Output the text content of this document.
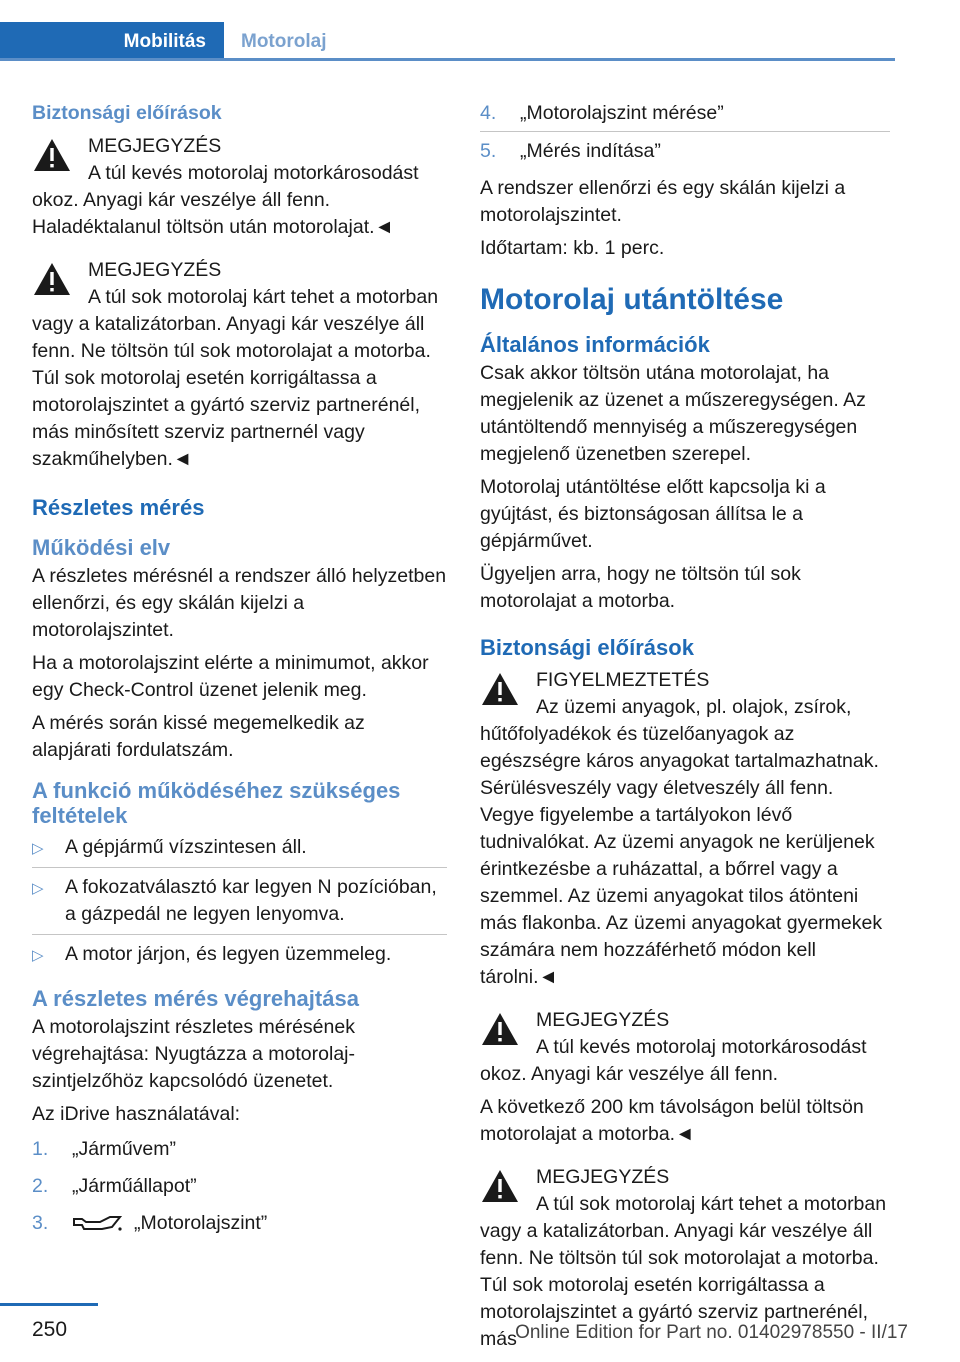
Mobilitás	Motorolaj
Biztonsági előírások
MEGJEGYZÉS

A túl kevés motorolaj motorkárosodást okoz. Anyagi kár veszélye áll fenn. Haladéktalanul töltsön után motorolajat.◄

MEGJEGYZÉS

A túl sok motorolaj kárt tehet a motorban vagy a katalizátorban. Anyagi kár veszélye áll fenn. Ne töltsön túl sok motorolajat a motorba. Túl sok motorolaj esetén korrigáltassa a motorolajszintet a gyártó szerviz partnerénél, más minősített szerviz partnernél vagy szakműhelyben.◄

Részletes mérés
Működési elv

A részletes mérésnél a rendszer álló helyzetben ellenőrzi, és egy skálán kijelzi a motorolajszintet.

Ha a motorolajszint elérte a minimumot, akkor egy Check-Control üzenet jelenik meg.

A mérés során kissé megemelkedik az alapjárati fordulatszám.

A funkció működéséhez szükséges feltételek
▷ A gépjármű vízszintesen áll.
▷ A fokozatválasztó kar legyen N pozícióban, a gázpedál ne legyen lenyomva.
▷ A motor járjon, és legyen üzemmeleg.
A részletes mérés végrehajtása

A motorolajszint részletes mérésének végrehajtása: Nyugtázza a motorolaj-szintjelzőhöz kapcsolódó üzenetet.

Az iDrive használatával:

1. „Járművem”
2. „Járműállapot”
3.	„Motorolajszint”
4. „Motorolajszint mérése”
5. „Mérés indítása”

A rendszer ellenőrzi és egy skálán kijelzi a motorolajszintet.

Időtartam: kb. 1 perc.

Motorolaj utántöltése
Általános információk

Csak akkor töltsön utána motorolajat, ha megjelenik az üzenet a műszeregységen. Az utántöltendő mennyiség a műszeregységen megjelenő üzenetben szerepel.

Motorolaj utántöltése előtt kapcsolja ki a gyújtást, és biztonságosan állítsa le a gépjárművet.

Ügyeljen arra, hogy ne töltsön túl sok motorolajat a motorba.

Biztonsági előírások
FIGYELMEZTETÉS

Az üzemi anyagok, pl. olajok, zsírok, hűtőfolyadékok és tüzelőanyagok az egészségre káros anyagokat tartalmazhatnak. Sérülésveszély vagy életveszély áll fenn. Vegye figyelembe a tartályokon lévő tudnivalókat. Az üzemi anyagok ne kerüljenek érintkezésbe a ruházattal, a bőrrel vagy a szemmel. Az üzemi anyagokat tilos átönteni más flakonba. Az üzemi anyagokat gyermekek számára nem hozzáférhető módon kell tárolni.◄

MEGJEGYZÉS

A túl kevés motorolaj motorkárosodást okoz. Anyagi kár veszélye áll fenn.

A következő 200 km távolságon belül töltsön motorolajat a motorba.◄

MEGJEGYZÉS

A túl sok motorolaj kárt tehet a motorban vagy a katalizátorban. Anyagi kár veszélye áll fenn. Ne töltsön túl sok motorolajat a motorba. Túl sok motorolaj esetén korrigáltassa a motorolajszintet a gyártó szerviz partnerénél, más

250	Online Edition for Part no. 01402978550 - II/17
